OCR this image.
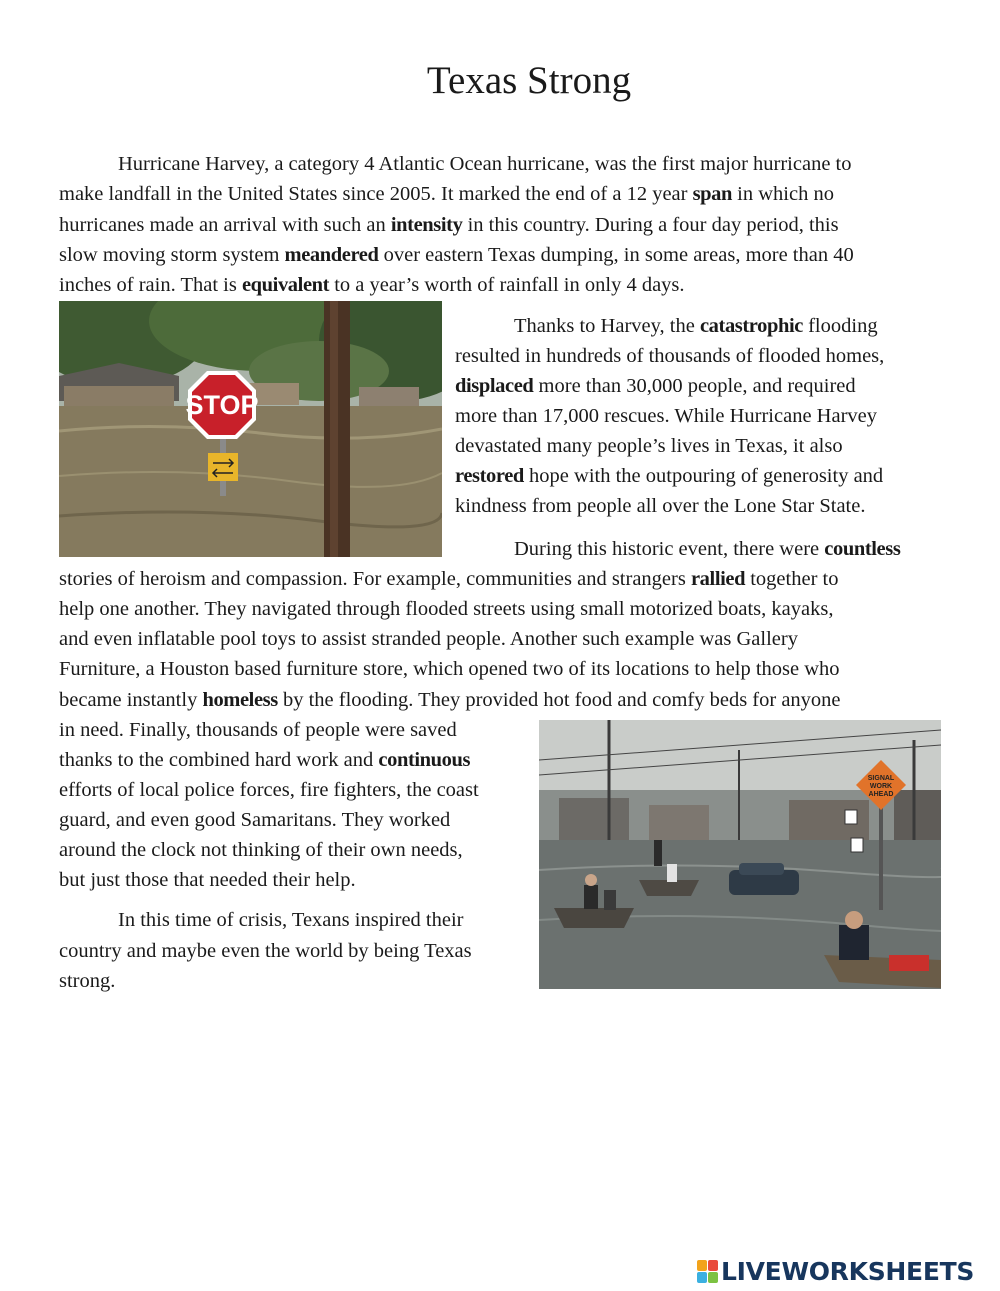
Texas Strong
Hurricane Harvey, a category 4 Atlantic Ocean hurricane, was the first major hurricane to
make landfall in the United States since 2005. It marked the end of a 12 year span in which no
hurricanes made an arrival with such an intensity in this country. During a four day period, this
slow moving storm system meandered over eastern Texas dumping, in some areas, more than 40
inches of rain. That is equivalent to a year’s worth of rainfall in only 4 days.
Thanks to Harvey, the catastrophic flooding
resulted in hundreds of thousands of flooded homes,
displaced more than 30,000 people, and required
more than 17,000 rescues. While Hurricane Harvey
devastated many people’s lives in Texas, it also
restored hope with the outpouring of generosity and
kindness from people all over the Lone Star State.
During this historic event, there were countless
stories of heroism and compassion. For example, communities and strangers rallied together to
help one another. They navigated through flooded streets using small motorized boats, kayaks,
and even inflatable pool toys to assist stranded people. Another such example was Gallery
Furniture, a Houston based furniture store, which opened two of its locations to help those who
became instantly homeless by the flooding. They provided hot food and comfy beds for anyone
in need. Finally, thousands of people were saved
thanks to the combined hard work and continuous
efforts of local police forces, fire fighters, the coast
guard, and even good Samaritans. They worked
around the clock not thinking of their own needs,
but just those that needed their help.
In this time of crisis, Texans inspired their
country and maybe even the world by being Texas
strong.
STOP
SIGNAL
WORK
AHEAD
LIVEWORKSHEETS
